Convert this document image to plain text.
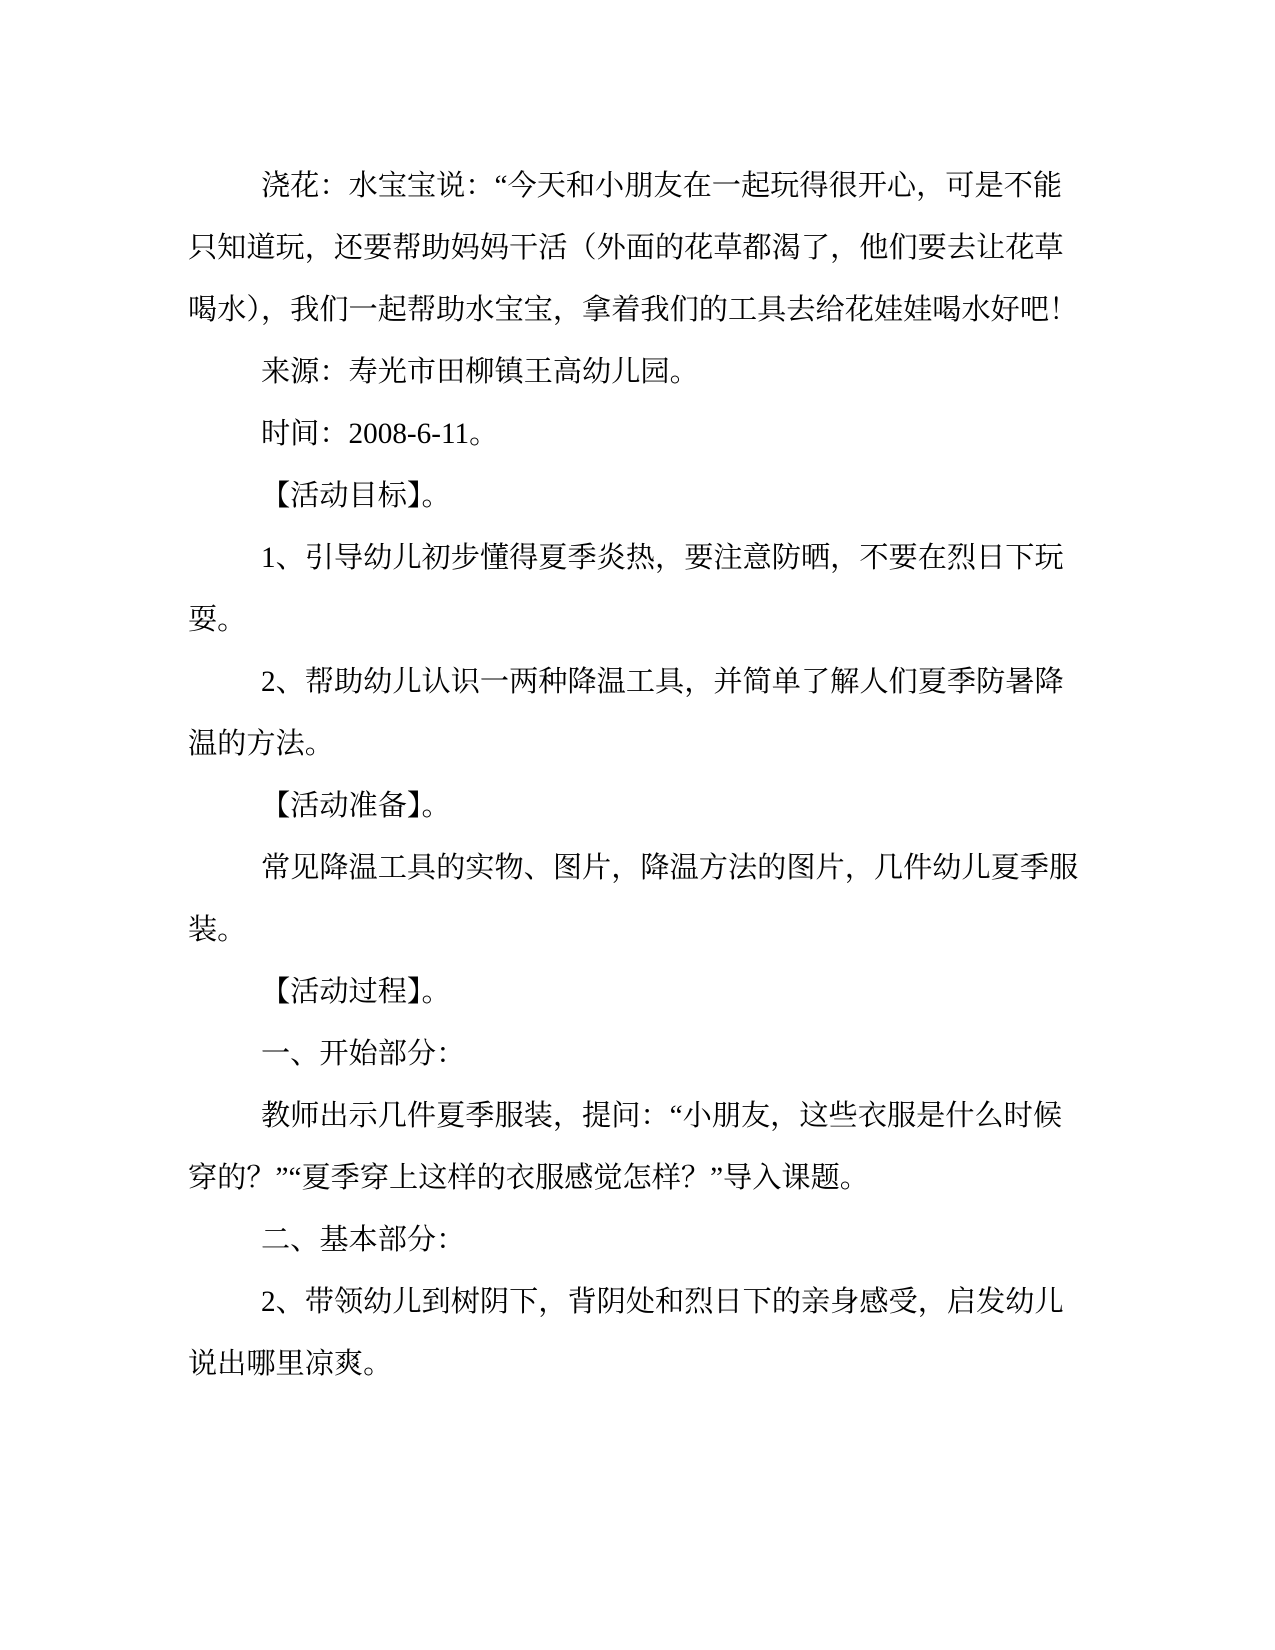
浇花：水宝宝说：“今天和小朋友在一起玩得很开心，可是不能只知道玩，还要帮助妈妈干活（外面的花草都渴了，他们要去让花草喝水），我们一起帮助水宝宝，拿着我们的工具去给花娃娃喝水好吧！

来源：寿光市田柳镇王高幼儿园。

时间：2008-6-11。

【活动目标】。

1、引导幼儿初步懂得夏季炎热，要注意防晒，不要在烈日下玩耍。

2、帮助幼儿认识一两种降温工具，并简单了解人们夏季防暑降温的方法。

【活动准备】。

常见降温工具的实物、图片，降温方法的图片，几件幼儿夏季服装。

【活动过程】。

一、开始部分：

教师出示几件夏季服装，提问：“小朋友，这些衣服是什么时候穿的？”“夏季穿上这样的衣服感觉怎样？”导入课题。

二、基本部分：

2、带领幼儿到树阴下，背阴处和烈日下的亲身感受，启发幼儿说出哪里凉爽。
